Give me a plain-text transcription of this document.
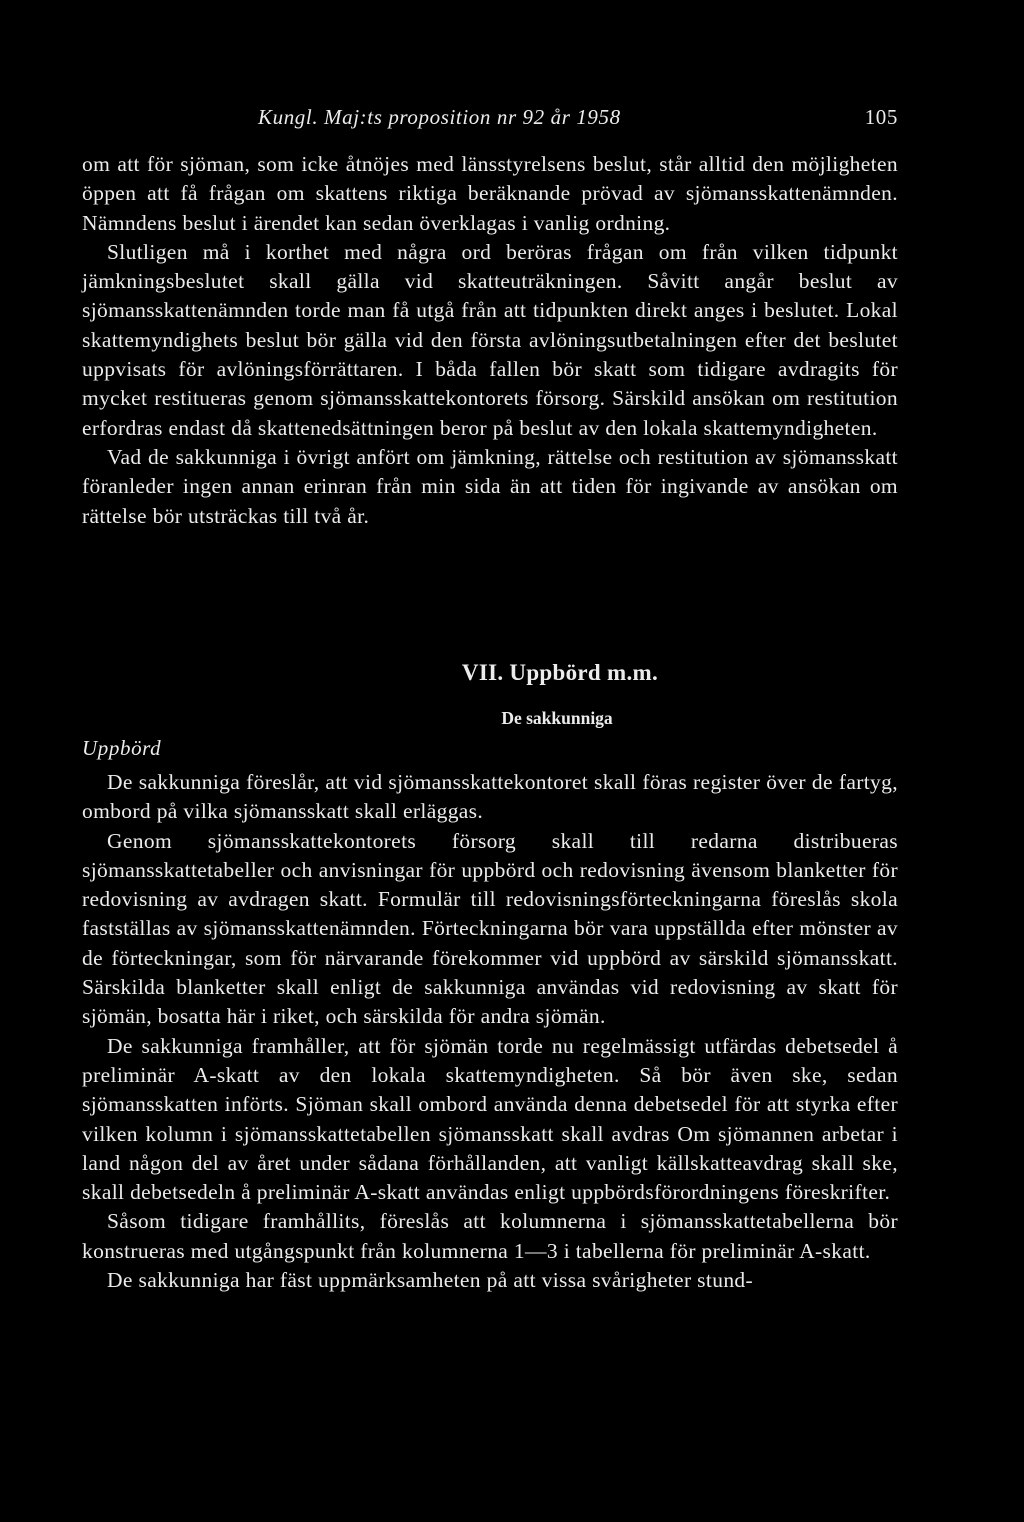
Kungl. Maj:ts proposition nr 92 år 1958	105

om att för sjöman, som icke åtnöjes med länsstyrelsens beslut, står alltid den möjligheten öppen att få frågan om skattens riktiga beräknande prövad av sjömansskattenämnden. Nämndens beslut i ärendet kan sedan överklagas i vanlig ordning.

Slutligen må i korthet med några ord beröras frågan om från vilken tidpunkt jämkningsbeslutet skall gälla vid skatteuträkningen. Såvitt angår beslut av sjömansskattenämnden torde man få utgå från att tidpunkten direkt anges i beslutet. Lokal skattemyndighets beslut bör gälla vid den första avlöningsutbetalningen efter det beslutet uppvisats för avlöningsförrättaren. I båda fallen bör skatt som tidigare avdragits för mycket restitueras genom sjömansskattekontorets försorg. Särskild ansökan om restitution erfordras endast då skattenedsättningen beror på beslut av den lokala skattemyndigheten.

Vad de sakkunniga i övrigt anfört om jämkning, rättelse och restitution av sjömansskatt föranleder ingen annan erinran från min sida än att tiden för ingivande av ansökan om rättelse bör utsträckas till två år.

VII. Uppbörd m.m.
De sakkunniga
Uppbörd

De sakkunniga föreslår, att vid sjömansskattekontoret skall föras register över de fartyg, ombord på vilka sjömansskatt skall erläggas.

Genom sjömansskattekontorets försorg skall till redarna distribueras sjömansskattetabeller och anvisningar för uppbörd och redovisning ävensom blanketter för redovisning av avdragen skatt. Formulär till redovisningsförteckningarna föreslås skola fastställas av sjömansskattenämnden. Förteckningarna bör vara uppställda efter mönster av de förteckningar, som för närvarande förekommer vid uppbörd av särskild sjömansskatt. Särskilda blanketter skall enligt de sakkunniga användas vid redovisning av skatt för sjömän, bosatta här i riket, och särskilda för andra sjömän.

De sakkunniga framhåller, att för sjömän torde nu regelmässigt utfärdas debetsedel å preliminär A-skatt av den lokala skattemyndigheten. Så bör även ske, sedan sjömansskatten införts. Sjöman skall ombord använda denna debetsedel för att styrka efter vilken kolumn i sjömansskattetabellen sjömansskatt skall avdras Om sjömannen arbetar i land någon del av året under sådana förhållanden, att vanligt källskatteavdrag skall ske, skall debetsedeln å preliminär A-skatt användas enligt uppbördsförordningens föreskrifter.

Såsom tidigare framhållits, föreslås att kolumnerna i sjömansskattetabellerna bör konstrueras med utgångspunkt från kolumnerna 1—3 i tabellerna för preliminär A-skatt.

De sakkunniga har fäst uppmärksamheten på att vissa svårigheter stund-
